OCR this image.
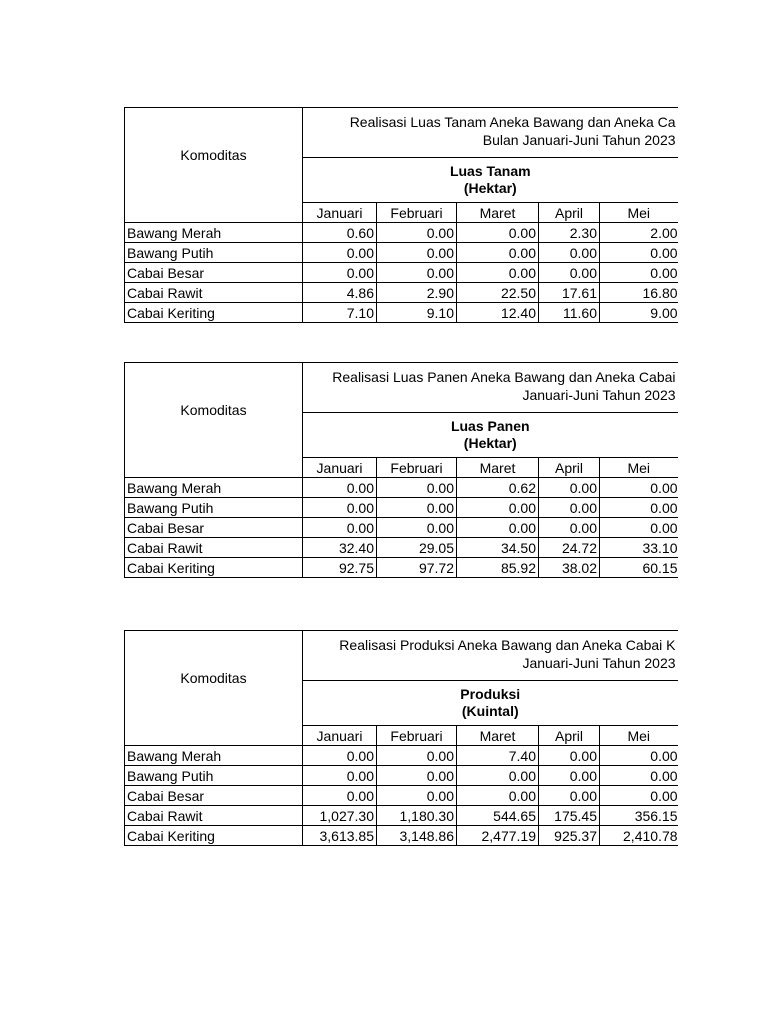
Komoditas	Realisasi Luas Tanam Aneka Bawang dan Aneka Ca
Bulan Januari-Juni Tahun 2023				

	Luas Tanam
(Hektar)				

	Januari	Februari	Maret	April	Mei
Bawang Merah	0.60	0.00	0.00	2.30	2.00
Bawang Putih	0.00	0.00	0.00	0.00	0.00
Cabai Besar	0.00	0.00	0.00	0.00	0.00
Cabai Rawit	4.86	2.90	22.50	17.61	16.80
Cabai Keriting	7.10	9.10	12.40	11.60	9.00
Komoditas	Realisasi Luas Panen Aneka Bawang dan Aneka Cabai
Januari-Juni Tahun 2023				

	Luas Panen
(Hektar)				

	Januari	Februari	Maret	April	Mei
Bawang Merah	0.00	0.00	0.62	0.00	0.00
Bawang Putih	0.00	0.00	0.00	0.00	0.00
Cabai Besar	0.00	0.00	0.00	0.00	0.00
Cabai Rawit	32.40	29.05	34.50	24.72	33.10
Cabai Keriting	92.75	97.72	85.92	38.02	60.15
Komoditas	Realisasi Produksi Aneka Bawang dan Aneka Cabai K
Januari-Juni Tahun 2023				

	Produksi
(Kuintal)				

	Januari	Februari	Maret	April	Mei
Bawang Merah	0.00	0.00	7.40	0.00	0.00
Bawang Putih	0.00	0.00	0.00	0.00	0.00
Cabai Besar	0.00	0.00	0.00	0.00	0.00
Cabai Rawit	1,027.30	1,180.30	544.65	175.45	356.15
Cabai Keriting	3,613.85	3,148.86	2,477.19	925.37	2,410.78
